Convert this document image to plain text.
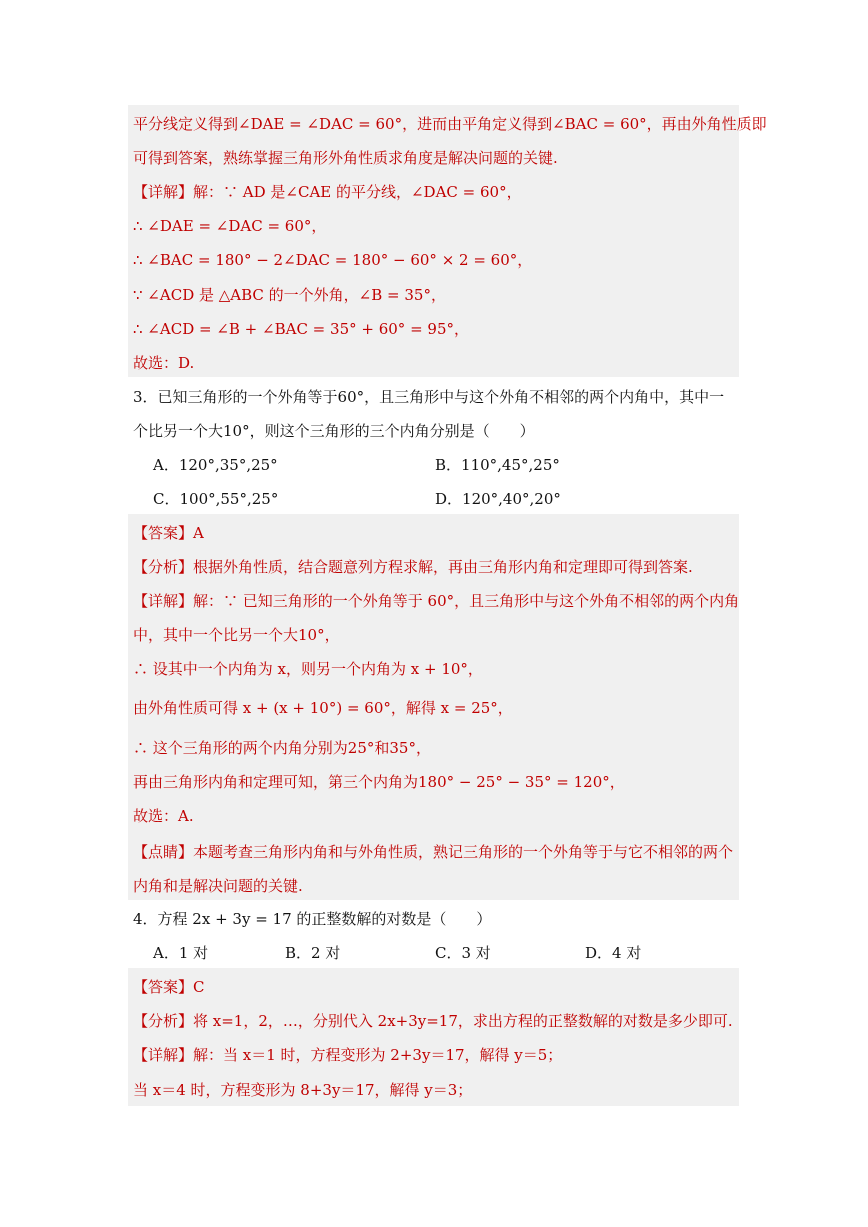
平分线定义得到∠DAE = ∠DAC = 60°，进而由平角定义得到∠BAC = 60°，再由外角性质即
可得到答案，熟练掌握三角形外角性质求角度是解决问题的关键.
【详解】解：∵ AD 是∠CAE 的平分线，∠DAC = 60°，
∴ ∠DAE = ∠DAC = 60°，
∴ ∠BAC = 180° − 2∠DAC = 180° − 60° × 2 = 60°，
∵ ∠ACD 是 △ABC 的一个外角，∠B = 35°，
∴ ∠ACD = ∠B + ∠BAC = 35° + 60° = 95°，
故选：D.
3．已知三角形的一个外角等于60°，且三角形中与这个外角不相邻的两个内角中，其中一
个比另一个大10°，则这个三角形的三个内角分别是（　　）
A．120°,35°,25°	B．110°,45°,25°
C．100°,55°,25°	D．120°,40°,20°
【答案】A
【分析】根据外角性质，结合题意列方程求解，再由三角形内角和定理即可得到答案.
【详解】解：∵ 已知三角形的一个外角等于 60°，且三角形中与这个外角不相邻的两个内角
中，其中一个比另一个大10°，
∴ 设其中一个内角为 x，则另一个内角为 x + 10°，
由外角性质可得 x + (x + 10°) = 60°，解得 x = 25°，
∴ 这个三角形的两个内角分别为25°和35°，
再由三角形内角和定理可知，第三个内角为180° − 25° − 35° = 120°，
故选：A.
【点睛】本题考查三角形内角和与外角性质，熟记三角形的一个外角等于与它不相邻的两个
内角和是解决问题的关键.
4．方程 2x + 3y = 17 的正整数解的对数是（　　）
A．1 对	B．2 对	C．3 对	D．4 对
【答案】C
【分析】将 x=1，2，…，分别代入 2x+3y=17，求出方程的正整数解的对数是多少即可.
【详解】解：当 x＝1 时，方程变形为 2+3y＝17，解得 y＝5；
当 x＝4 时，方程变形为 8+3y＝17，解得 y＝3；
